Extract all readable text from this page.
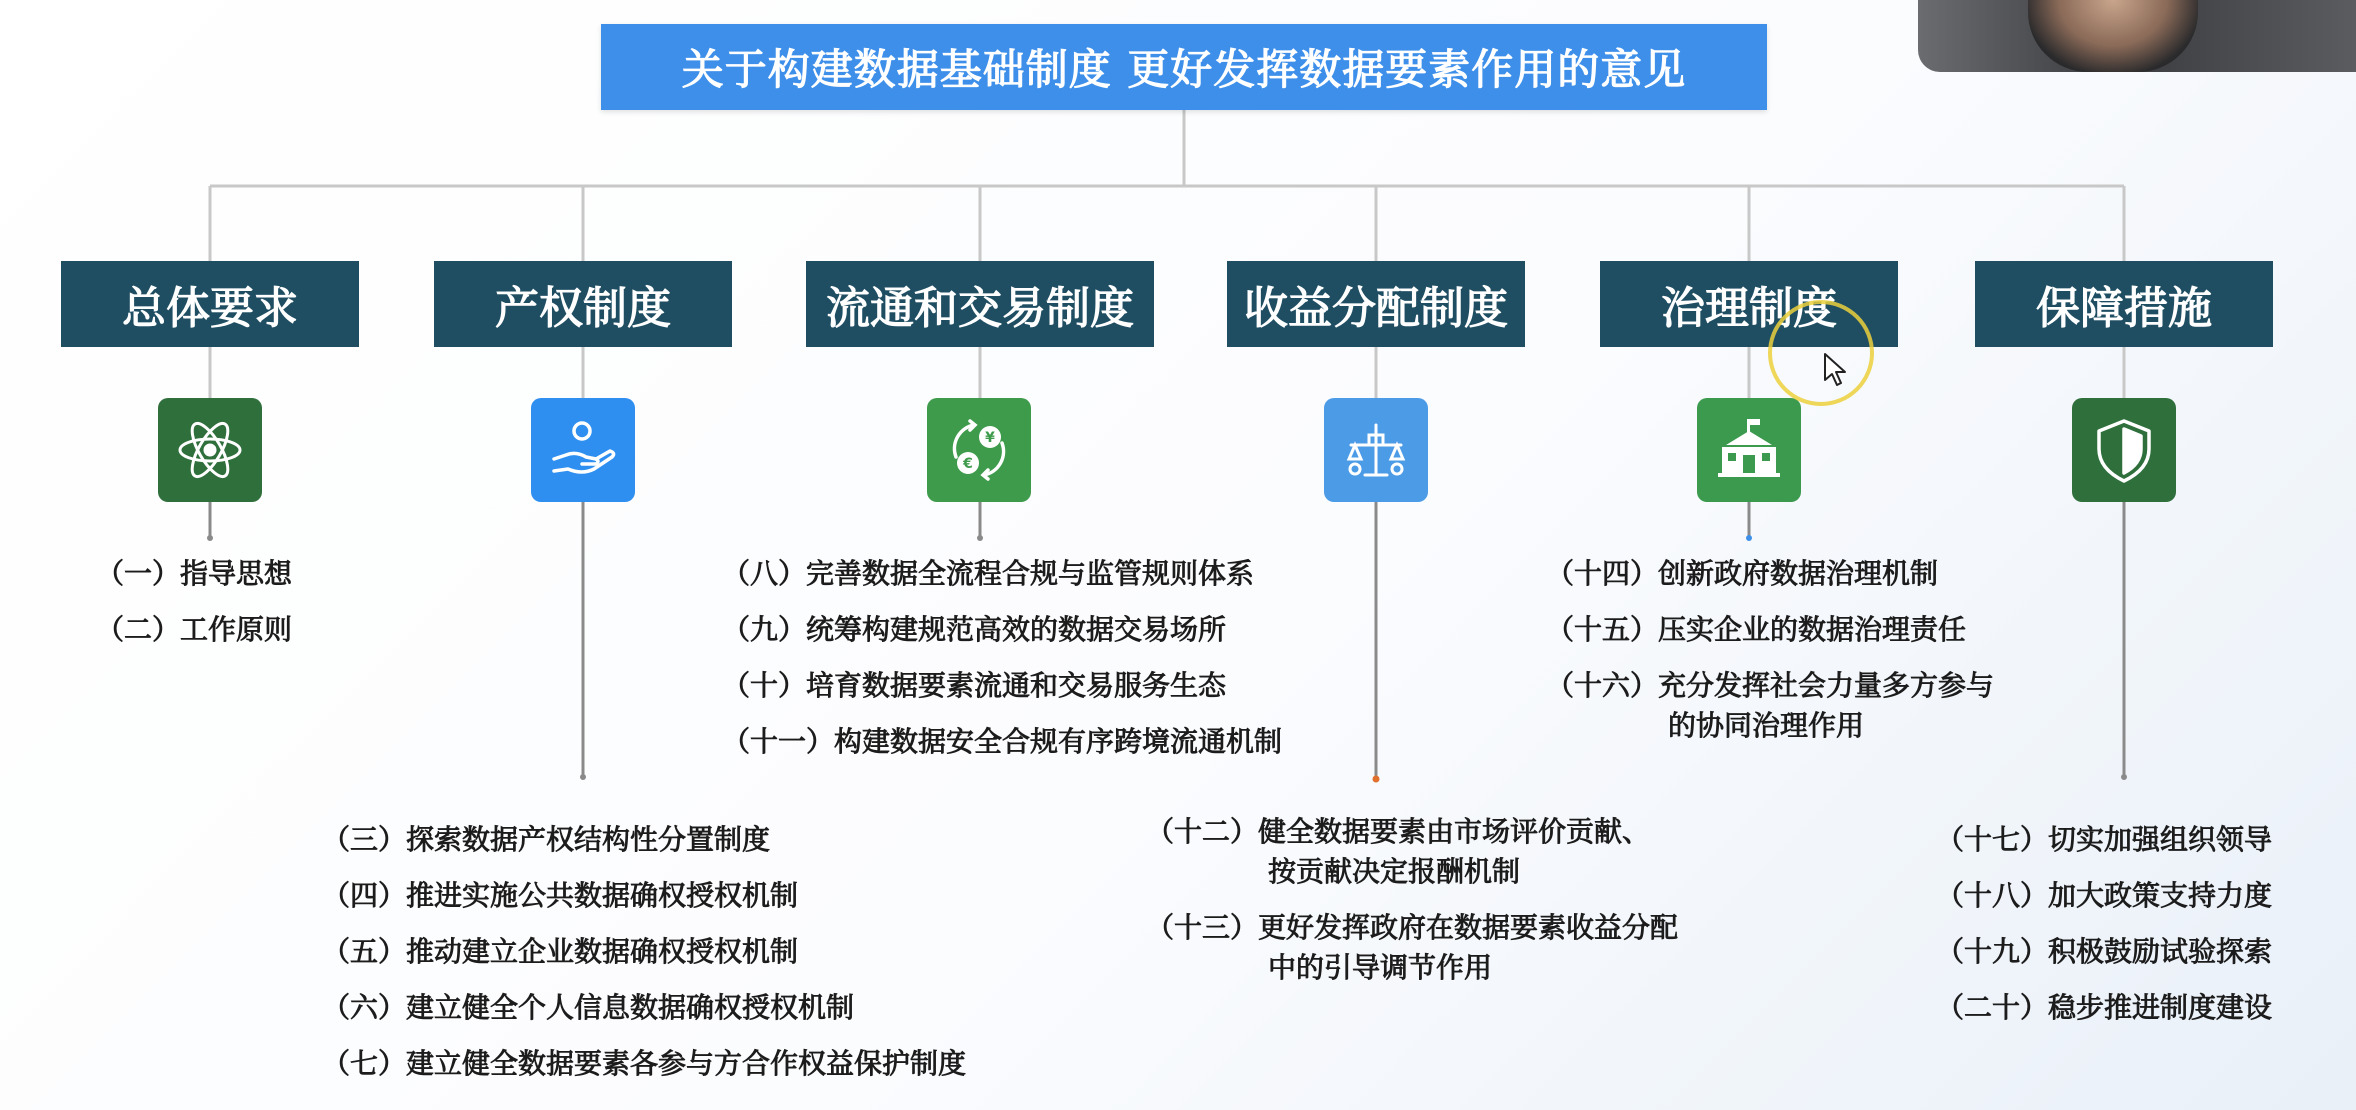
关于构建数据基础制度 更好发挥数据要素作用的意见
总体要求	产权制度	流通和交易制度	收益分配制度	治理制度	保障措施
¥
€
（一）指导思想
（二）工作原则
（三）探索数据产权结构性分置制度
（四）推进实施公共数据确权授权机制
（五）推动建立企业数据确权授权机制
（六）建立健全个人信息数据确权授权机制
（七）建立健全数据要素各参与方合作权益保护制度
（八）完善数据全流程合规与监管规则体系
（九）统筹构建规范高效的数据交易场所
（十）培育数据要素流通和交易服务生态
（十一）构建数据安全合规有序跨境流通机制
（十二）健全数据要素由市场评价贡献、
按贡献决定报酬机制
（十三）更好发挥政府在数据要素收益分配
中的引导调节作用
（十四）创新政府数据治理机制
（十五）压实企业的数据治理责任
（十六）充分发挥社会力量多方参与
的协同治理作用
（十七）切实加强组织领导
（十八）加大政策支持力度
（十九）积极鼓励试验探索
（二十）稳步推进制度建设
